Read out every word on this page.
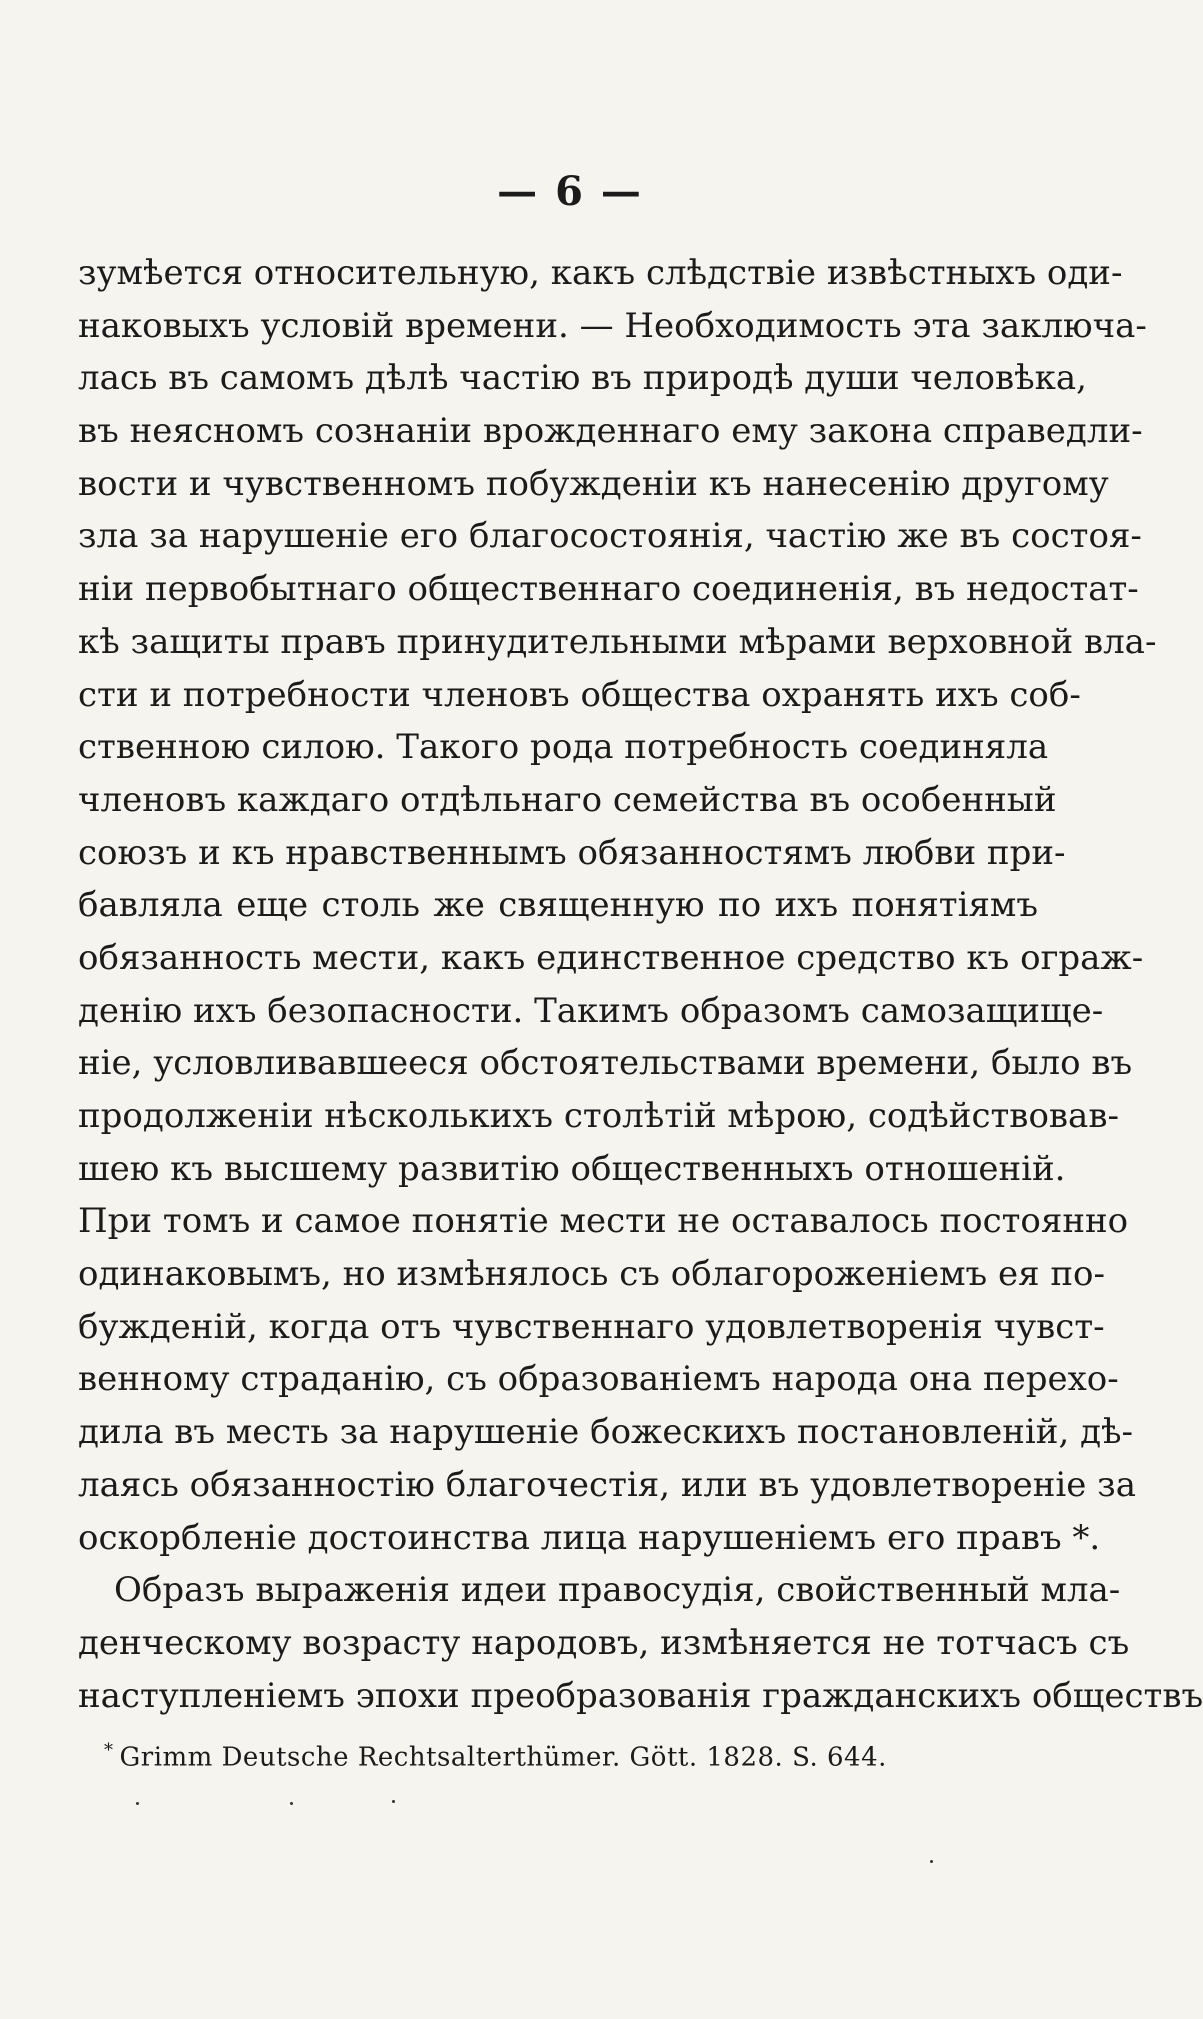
— 6 —
зумѣется относительную, какъ слѣдствіе извѣстныхъ оди-
наковыхъ условій времени. — Необходимость эта заключа-
лась въ самомъ дѣлѣ частію въ природѣ души человѣка,
въ неясномъ сознаніи врожденнаго ему закона справедли-
вости и чувственномъ побужденіи къ нанесенію другому
зла за нарушеніе его благосостоянія, частію же въ состоя-
ніи первобытнаго общественнаго соединенія, въ недостат-
кѣ защиты правъ принудительными мѣрами верховной вла-
сти и потребности членовъ общества охранять ихъ соб-
ственною силою. Такого рода потребность соединяла
членовъ каждаго отдѣльнаго семейства въ особенный
союзъ и къ нравственнымъ обязанностямъ любви при-
бавляла еще столь же священную по ихъ понятіямъ
обязанность мести, какъ единственное средство къ ограж-
денію ихъ безопасности. Такимъ образомъ самозащище-
ніе, условливавшееся обстоятельствами времени, было въ
продолженіи нѣсколькихъ столѣтій мѣрою, содѣйствовав-
шею къ высшему развитію общественныхъ отношеній.
При томъ и самое понятіе мести не оставалось постоянно
одинаковымъ, но измѣнялось съ облагороженіемъ ея по-
бужденій, когда отъ чувственнаго удовлетворенія чувст-
венному страданію, съ образованіемъ народа она перехо-
дила въ месть за нарушеніе божескихъ постановленій, дѣ-
лаясь обязанностію благочестія, или въ удовлетвореніе за
оскорбленіе достоинства лица нарушеніемъ его правъ *.
Образъ выраженія идеи правосудія, свойственный мла-
денческому возрасту народовъ, измѣняется не тотчасъ съ
наступленіемъ эпохи преобразованія гражданскихъ обществъ
* Grimm Deutsche Rechtsalterthümer. Gött. 1828. S. 644.
